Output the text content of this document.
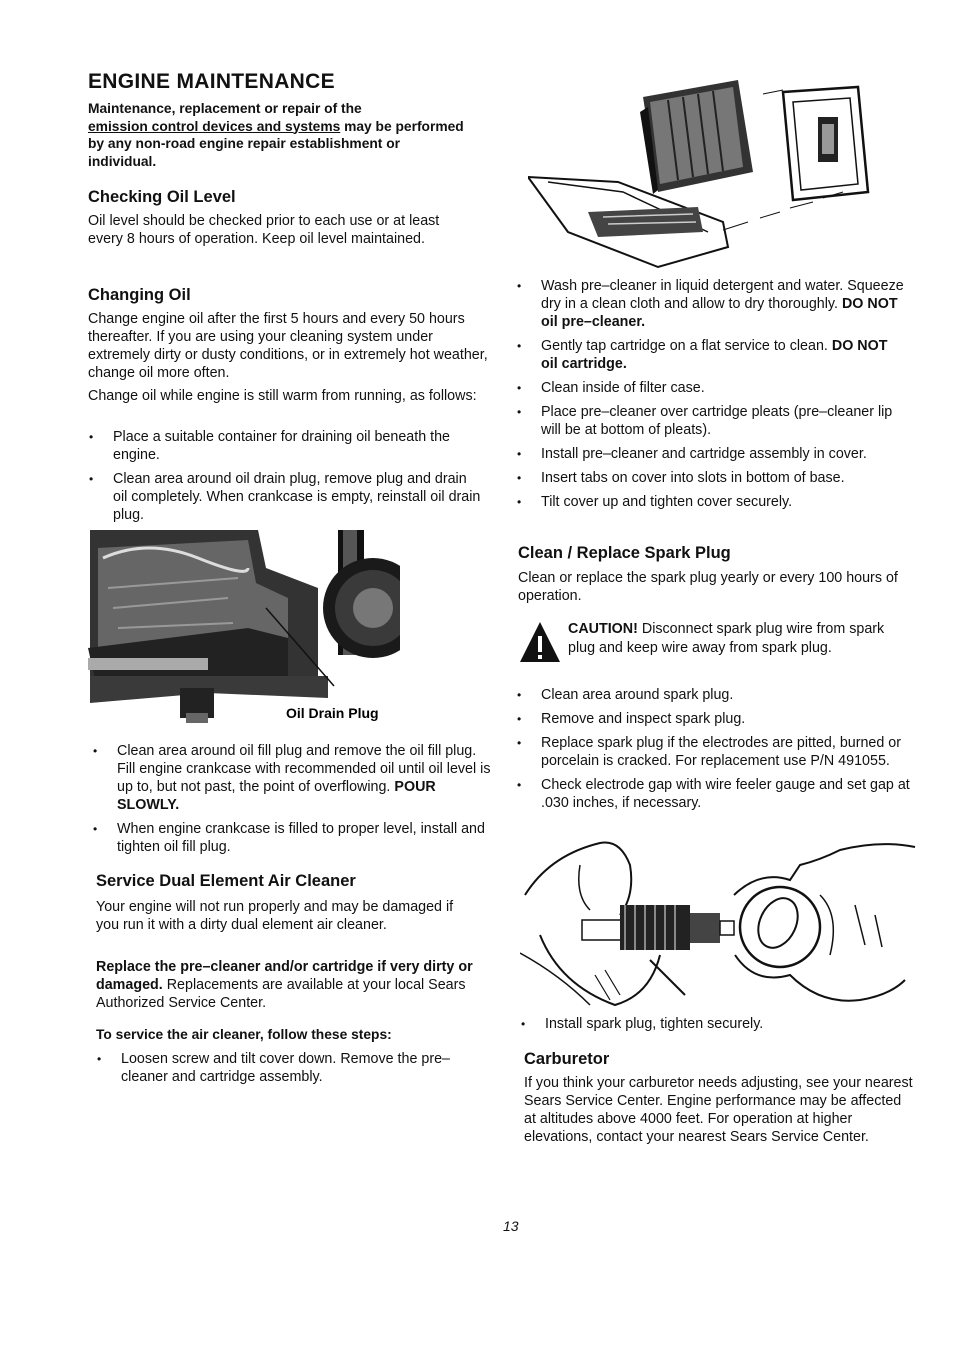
ENGINE MAINTENANCE

Maintenance, replacement or repair of the
emission control devices and systems may be performed by any non-road engine repair establishment or individual.

Checking Oil Level

Oil level should be checked prior to each use or at least every 8 hours of operation. Keep oil level maintained.

Changing Oil

Change engine oil after the first 5 hours and every 50 hours thereafter. If you are using your cleaning system under extremely dirty or dusty conditions, or in extremely hot weather, change oil more often.

Change oil while engine is still warm from running, as follows:

• Place a suitable container for draining oil beneath the engine.
• Clean area around oil drain plug, remove plug and drain oil completely. When crankcase is empty, reinstall oil drain plug.
Oil Drain Plug
• Clean area around oil fill plug and remove the oil fill plug. Fill engine crankcase with recommended oil until oil level is up to, but not past, the point of overflowing. POUR SLOWLY.
• When engine crankcase is filled to proper level, install and tighten oil fill plug.
Service Dual Element Air Cleaner

Your engine will not run properly and may be damaged if you run it with a dirty dual element air cleaner.

Replace the pre–cleaner and/or cartridge if very dirty or damaged. Replacements are available at your local Sears Authorized Service Center.

To service the air cleaner, follow these steps:

• Loosen screw and tilt cover down. Remove the pre–cleaner and cartridge assembly.
• Wash pre–cleaner in liquid detergent and water. Squeeze dry in a clean cloth and allow to dry thoroughly. DO NOT oil pre–cleaner.
• Gently tap cartridge on a flat service to clean. DO NOT oil cartridge.
• Clean inside of filter case.
• Place pre–cleaner over cartridge pleats (pre–cleaner lip will be at bottom of pleats).
• Install pre–cleaner and cartridge assembly in cover.
• Insert tabs on cover into slots in bottom of base.
• Tilt cover up and tighten cover securely.
Clean / Replace Spark Plug

Clean or replace the spark plug yearly or every 100 hours of operation.

CAUTION! Disconnect spark plug wire from spark plug and keep wire away from spark plug.

• Clean area around spark plug.
• Remove and inspect spark plug.
• Replace spark plug if the electrodes are pitted, burned or porcelain is cracked. For replacement use P/N 491055.
• Check electrode gap with wire feeler gauge and set gap at .030 inches, if necessary.
• Install spark plug, tighten securely.
Carburetor

If you think your carburetor needs adjusting, see your nearest Sears Service Center. Engine performance may be affected at altitudes above 4000 feet. For operation at higher elevations, contact your nearest Sears Service Center.

13
